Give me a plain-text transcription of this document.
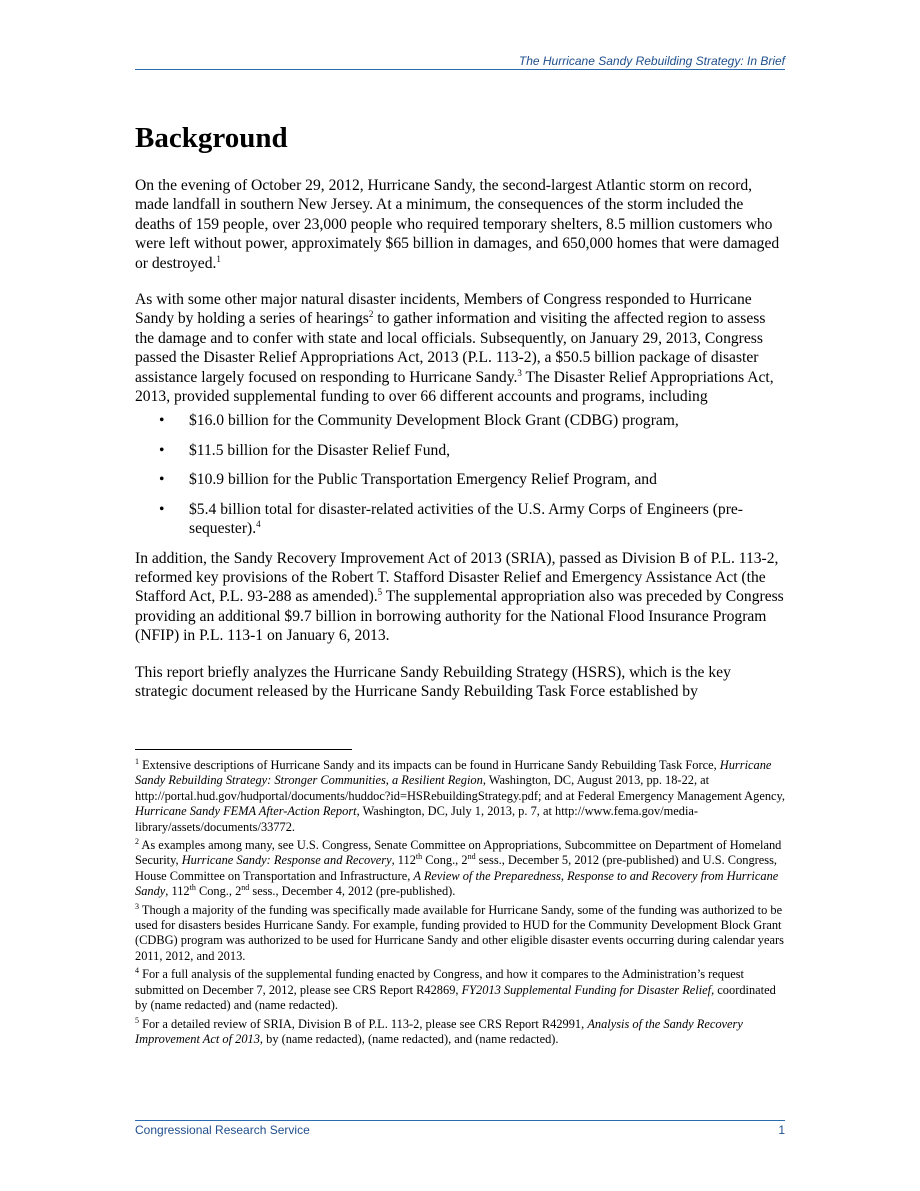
The Hurricane Sandy Rebuilding Strategy: In Brief
Background

On the evening of October 29, 2012, Hurricane Sandy, the second-largest Atlantic storm on record, made landfall in southern New Jersey. At a minimum, the consequences of the storm included the deaths of 159 people, over 23,000 people who required temporary shelters, 8.5 million customers who were left without power, approximately $65 billion in damages, and 650,000 homes that were damaged or destroyed.$^1$

As with some other major natural disaster incidents, Members of Congress responded to Hurricane Sandy by holding a series of hearings$^2$ to gather information and visiting the affected region to assess the damage and to confer with state and local officials. Subsequently, on January 29, 2013, Congress passed the Disaster Relief Appropriations Act, 2013 (P.L. 113-2), a $50.5 billion package of disaster assistance largely focused on responding to Hurricane Sandy.$^3$ The Disaster Relief Appropriations Act, 2013, provided supplemental funding to over 66 different accounts and programs, including

• $16.0 billion for the Community Development Block Grant (CDBG) program,
• $11.5 billion for the Disaster Relief Fund,
• $10.9 billion for the Public Transportation Emergency Relief Program, and
• $5.4 billion total for disaster-related activities of the U.S. Army Corps of Engineers (pre-sequester).$^4$

In addition, the Sandy Recovery Improvement Act of 2013 (SRIA), passed as Division B of P.L. 113-2, reformed key provisions of the Robert T. Stafford Disaster Relief and Emergency Assistance Act (the Stafford Act, P.L. 93-288 as amended).$^5$ The supplemental appropriation also was preceded by Congress providing an additional $9.7 billion in borrowing authority for the National Flood Insurance Program (NFIP) in P.L. 113-1 on January 6, 2013.

This report briefly analyzes the Hurricane Sandy Rebuilding Strategy (HSRS), which is the key strategic document released by the Hurricane Sandy Rebuilding Task Force established by

$^1$ Extensive descriptions of Hurricane Sandy and its impacts can be found in Hurricane Sandy Rebuilding Task Force, Hurricane Sandy Rebuilding Strategy: Stronger Communities, a Resilient Region, Washington, DC, August 2013, pp. 18-22, at http://portal.hud.gov/hudportal/documents/huddoc?id=HSRebuildingStrategy.pdf; and at Federal Emergency Management Agency, Hurricane Sandy FEMA After-Action Report, Washington, DC, July 1, 2013, p. 7, at http://www.fema.gov/media-library/assets/documents/33772.
$^2$ As examples among many, see U.S. Congress, Senate Committee on Appropriations, Subcommittee on Department of Homeland Security, Hurricane Sandy: Response and Recovery, 112th Cong., 2nd sess., December 5, 2012 (pre-published) and U.S. Congress, House Committee on Transportation and Infrastructure, A Review of the Preparedness, Response to and Recovery from Hurricane Sandy, 112th Cong., 2nd sess., December 4, 2012 (pre-published).
$^3$ Though a majority of the funding was specifically made available for Hurricane Sandy, some of the funding was authorized to be used for disasters besides Hurricane Sandy. For example, funding provided to HUD for the Community Development Block Grant (CDBG) program was authorized to be used for Hurricane Sandy and other eligible disaster events occurring during calendar years 2011, 2012, and 2013.
$^4$ For a full analysis of the supplemental funding enacted by Congress, and how it compares to the Administration’s request submitted on December 7, 2012, please see CRS Report R42869, FY2013 Supplemental Funding for Disaster Relief, coordinated by (name redacted) and (name redacted).
$^5$ For a detailed review of SRIA, Division B of P.L. 113-2, please see CRS Report R42991, Analysis of the Sandy Recovery Improvement Act of 2013, by (name redacted), (name redacted), and (name redacted).
Congressional Research Service	1
